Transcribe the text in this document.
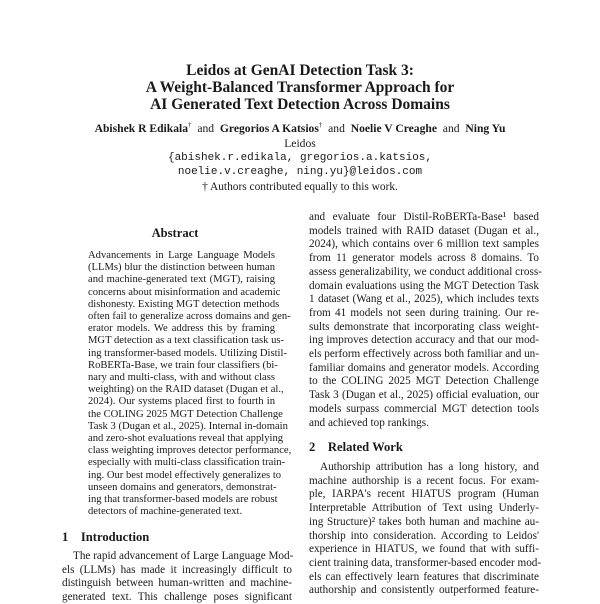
Leidos at GenAI Detection Task 3:
A Weight-Balanced Transformer Approach for
AI Generated Text Detection Across Domains
Abishek R Edikala† and Gregorios A Katsios† and Noelie V Creaghe and Ning Yu
Leidos
{abishek.r.edikala, gregorios.a.katsios,
noelie.v.creaghe, ning.yu}@leidos.com
† Authors contributed equally to this work.
Abstract
Advancements in Large Language Models
(LLMs) blur the distinction between human
and machine-generated text (MGT), raising
concerns about misinformation and academic
dishonesty. Existing MGT detection methods
often fail to generalize across domains and gen-
erator models. We address this by framing
MGT detection as a text classification task us-
ing transformer-based models. Utilizing Distil-
RoBERTa-Base, we train four classifiers (bi-
nary and multi-class, with and without class
weighting) on the RAID dataset (Dugan et al.,
2024). Our systems placed first to fourth in
the COLING 2025 MGT Detection Challenge
Task 3 (Dugan et al., 2025). Internal in-domain
and zero-shot evaluations reveal that applying
class weighting improves detector performance,
especially with multi-class classification train-
ing. Our best model effectively generalizes to
unseen domains and generators, demonstrat-
ing that transformer-based models are robust
detectors of machine-generated text.
1 Introduction
The rapid advancement of Large Language Mod-
els (LLMs) has made it increasingly difficult to
distinguish between human-written and machine-
generated text. This challenge poses significant
and evaluate four Distil-RoBERTa-Base¹ based
models trained with RAID dataset (Dugan et al.,
2024), which contains over 6 million text samples
from 11 generator models across 8 domains. To
assess generalizability, we conduct additional cross-
domain evaluations using the MGT Detection Task
1 dataset (Wang et al., 2025), which includes texts
from 41 models not seen during training. Our re-
sults demonstrate that incorporating class weight-
ing improves detection accuracy and that our mod-
els perform effectively across both familiar and un-
familiar domains and generator models. According
to the COLING 2025 MGT Detection Challenge
Task 3 (Dugan et al., 2025) official evaluation, our
models surpass commercial MGT detection tools
and achieved top rankings.
2 Related Work
Authorship attribution has a long history, and
machine authorship is a recent focus. For exam-
ple, IARPA's recent HIATUS program (Human
Interpretable Attribution of Text using Underly-
ing Structure)² takes both human and machine au-
thorship into consideration. According to Leidos'
experience in HIATUS, we found that with suffi-
cient training data, transformer-based encoder mod-
els can effectively learn features that discriminate
authorship and consistently outperformed feature-
